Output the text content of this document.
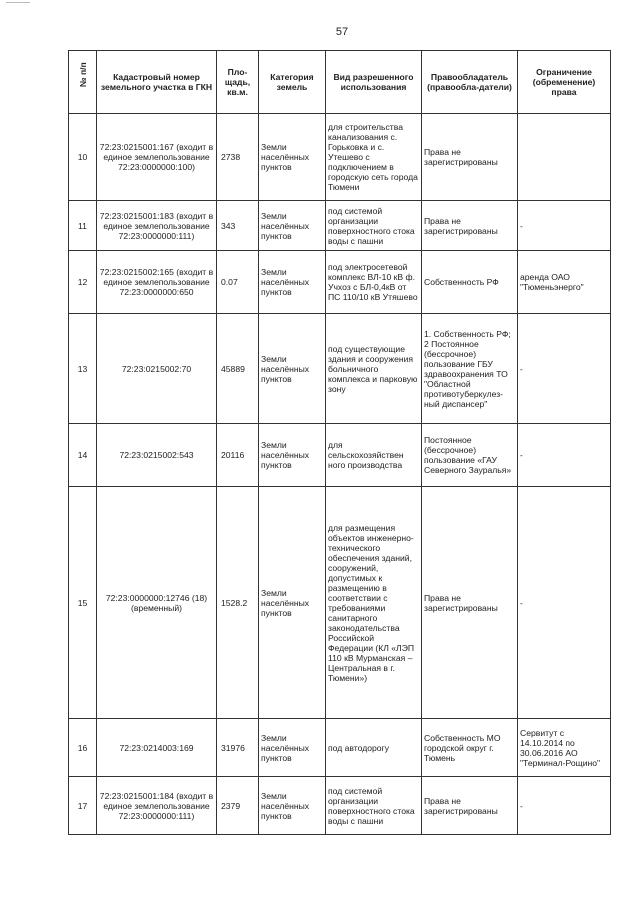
57
№ п/п	Кадастровый номер земельного участка в ГКН	Пло-щадь, кв.м.	Категория земель	Вид разрешенного использования	Правообладатель (правообла-датели)	Ограничение (обременение) права
10	72:23:0215001:167 (входит в единое землепользование 72:23:0000000:100)	2738	Земли населённых пунктов	для строительства канализования с. Горьковка и с. Утешево с подключением в городскую сеть города Тюмени	Права не зарегистрированы	
11	72:23:0215001:183 (входит в единое землепользование 72:23:0000000:111)	343	Земли населённых пунктов	под системой организации поверхностного стока воды с пашни	Права не зарегистрированы	-
12	72:23:0215002:165 (входит в единое землепользование 72:23:0000000:650	0.07	Земли населённых пунктов	под электросетевой комплекс ВЛ-10 кВ ф. Учхоз с БЛ-0,4кВ от ПС 110/10 кВ Утяшево	Собственность РФ	аренда ОАО "Тюменьэнерго"
13	72:23:0215002:70	45889	Земли населённых пунктов	под существующие здания и сооружения больничного комплекса и парковую зону	1. Собственность РФ; 2 Постоянное (бессрочное) пользование ГБУ здравоохранения ТО "Областной противотуберкулез-ный диспансер"	-
14	72:23:0215002:543	20116	Земли населённых пунктов	для сельскохозяйствен ного производства	Постоянное (бессрочное) пользование «ГАУ Северного Зауралья»	-
15	72:23:0000000:12746 (18) (временный)	1528.2	Земли населённых пунктов	для размещения объектов инженерно-технического обеспечения зданий, сооружений, допустимых к размещению в соответствии с требованиями санитарного законодательства Российской Федерации (КЛ «ЛЭП 110 кВ Мурманская – Центральная в г. Тюмени»)	Права не зарегистрированы	-
16	72:23:0214003:169	31976	Земли населённых пунктов	под автодорогу	Собственность МО городской округ г. Тюмень	Сервитут с 14.10.2014 по 30.06.2016 АО "Терминал-Рощино"
17	72:23:0215001:184 (входит в единое землепользование 72:23:0000000:111)	2379	Земли населённых пунктов	под системой организации поверхностного стока воды с пашни	Права не зарегистрированы	-
